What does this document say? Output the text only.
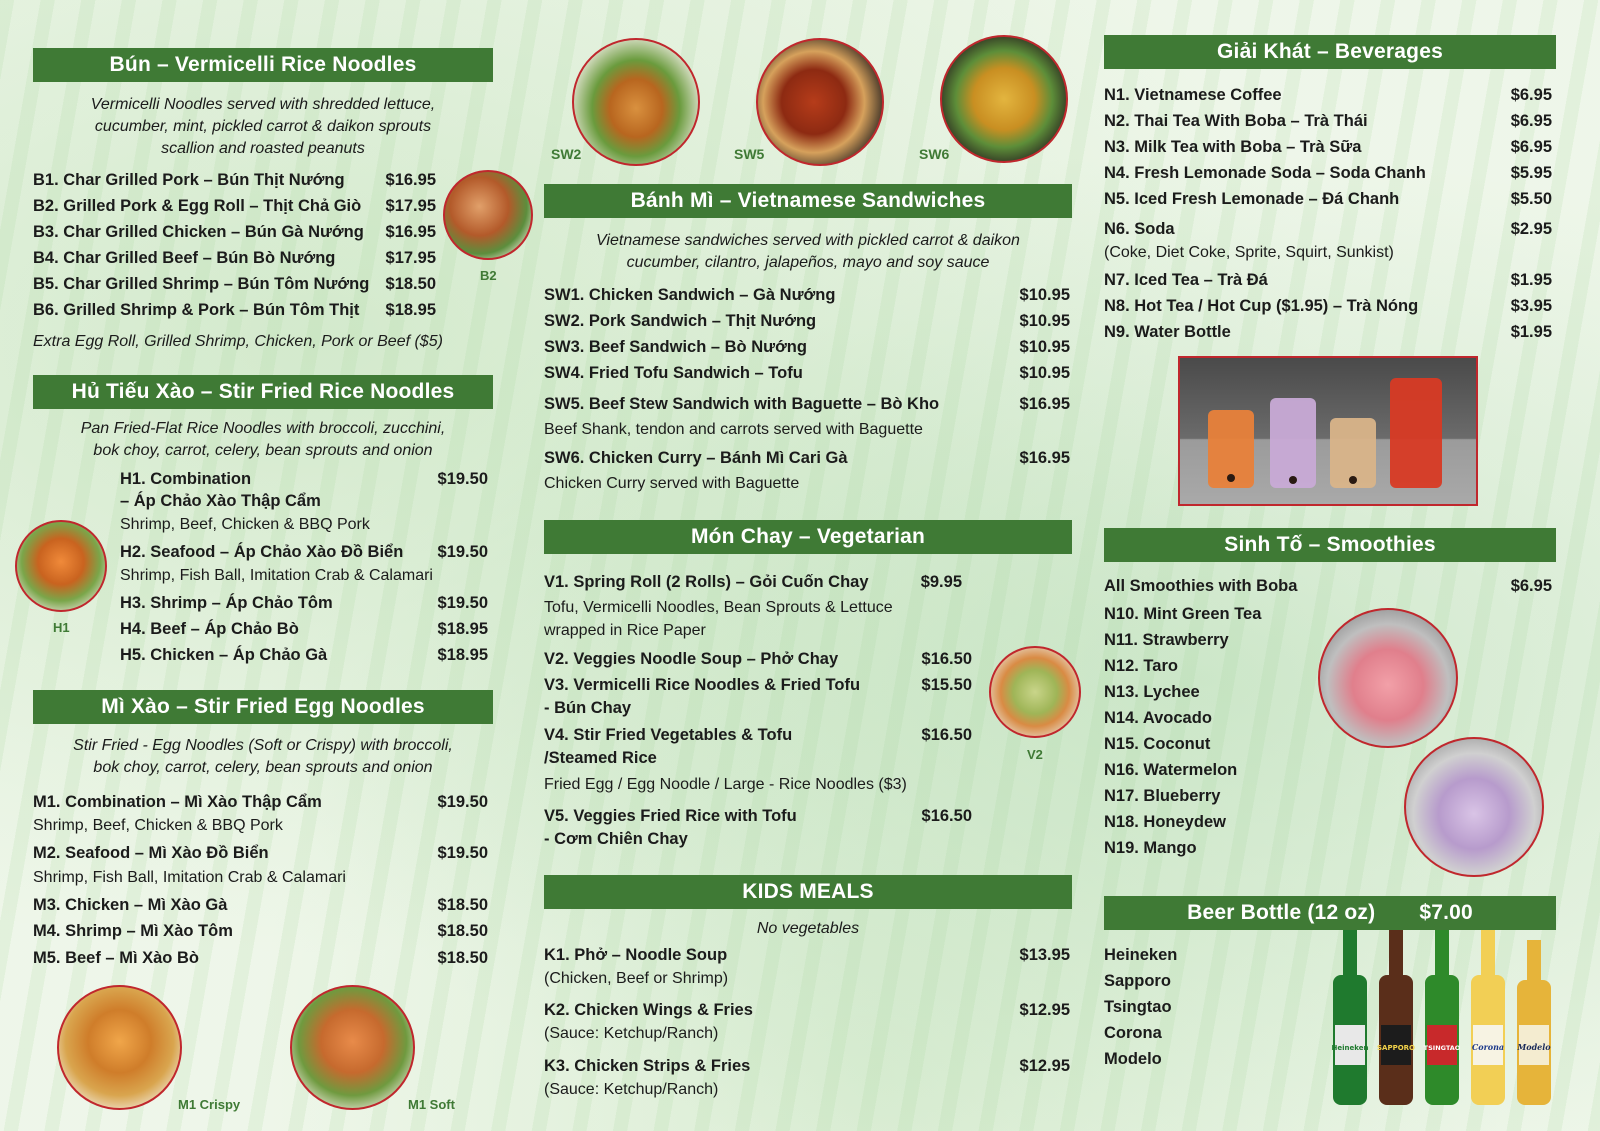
Bún – Vermicelli Rice Noodles
Vermicelli Noodles served with shredded lettuce,
cucumber, mint, pickled carrot & daikon sprouts
scallion and roasted peanuts
B1. Char Grilled Pork – Bún Thịt Nướng	$16.95
B2. Grilled Pork & Egg Roll – Thịt Chả Giò	$17.95
B3. Char Grilled Chicken – Bún Gà Nướng	$16.95
B4. Char Grilled Beef – Bún Bò Nướng	$17.95
B5. Char Grilled Shrimp – Bún Tôm Nướng $18.50
B6. Grilled Shrimp & Pork – Bún Tôm Thịt	$18.95
Extra Egg Roll, Grilled Shrimp, Chicken, Pork or Beef ($5)
B2
Hủ Tiếu Xào – Stir Fried Rice Noodles
Pan Fried-Flat Rice Noodles with broccoli, zucchini,
bok choy, carrot, celery, bean sprouts and onion
H1. Combination	$19.50
– Áp Chảo Xào Thập Cẩm
Shrimp, Beef, Chicken & BBQ Pork
H2. Seafood – Áp Chảo Xào Đồ Biển	$19.50
Shrimp, Fish Ball, Imitation Crab & Calamari
H3. Shrimp – Áp Chảo Tôm	$19.50
H4. Beef – Áp Chảo Bò	$18.95
H5. Chicken – Áp Chảo Gà	$18.95
H1
Mì Xào – Stir Fried Egg Noodles
Stir Fried - Egg Noodles (Soft or Crispy) with broccoli,
bok choy, carrot, celery, bean sprouts and onion
M1. Combination – Mì Xào Thập Cẩm	$19.50
Shrimp, Beef, Chicken & BBQ Pork
M2. Seafood – Mì Xào Đồ Biển	$19.50
Shrimp, Fish Ball, Imitation Crab & Calamari
M3. Chicken – Mì Xào Gà	$18.50
M4. Shrimp – Mì Xào Tôm	$18.50
M5. Beef – Mì Xào Bò	$18.50
M1 Crispy	M1 Soft
SW2	SW5	SW6
Bánh Mì – Vietnamese Sandwiches
Vietnamese sandwiches served with pickled carrot & daikon
cucumber, cilantro, jalapeños, mayo and soy sauce
SW1. Chicken Sandwich – Gà Nướng	$10.95
SW2. Pork Sandwich – Thịt Nướng	$10.95
SW3. Beef Sandwich – Bò Nướng	$10.95
SW4. Fried Tofu Sandwich – Tofu	$10.95
SW5. Beef Stew Sandwich with Baguette – Bò Kho	$16.95
Beef Shank, tendon and carrots served with Baguette
SW6. Chicken Curry – Bánh Mì Cari Gà	$16.95
Chicken Curry served with Baguette
Món Chay – Vegetarian
V1. Spring Roll (2 Rolls) – Gỏi Cuốn Chay	$9.95
Tofu, Vermicelli Noodles, Bean Sprouts & Lettuce
wrapped in Rice Paper
V2. Veggies Noodle Soup – Phở Chay	$16.50
V3. Vermicelli Rice Noodles & Fried Tofu	$15.50
- Bún Chay
V4. Stir Fried Vegetables & Tofu	$16.50
/Steamed Rice
Fried Egg / Egg Noodle / Large - Rice Noodles ($3)
V5. Veggies Fried Rice with Tofu	$16.50
- Cơm Chiên Chay
V2
KIDS MEALS
No vegetables
K1. Phở – Noodle Soup	$13.95
(Chicken, Beef or Shrimp)
K2. Chicken Wings & Fries	$12.95
(Sauce: Ketchup/Ranch)
K3. Chicken Strips & Fries	$12.95
(Sauce: Ketchup/Ranch)
Giải Khát – Beverages
N1. Vietnamese Coffee	$6.95
N2. Thai Tea With Boba – Trà Thái	$6.95
N3. Milk Tea with Boba – Trà Sữa	$6.95
N4. Fresh Lemonade Soda – Soda Chanh	$5.95
N5. Iced Fresh Lemonade – Đá Chanh	$5.50
N6. Soda	$2.95
(Coke, Diet Coke, Sprite, Squirt, Sunkist)
N7. Iced Tea – Trà Đá	$1.95
N8. Hot Tea / Hot Cup ($1.95) – Trà Nóng	$3.95
N9. Water Bottle	$1.95
Sinh Tố – Smoothies
All Smoothies with Boba	$6.95
N10. Mint Green Tea
N11. Strawberry
N12. Taro
N13. Lychee
N14. Avocado
N15. Coconut
N16. Watermelon
N17. Blueberry
N18. Honeydew
N19. Mango
Beer Bottle (12 oz) $7.00
Heineken
Sapporo
Tsingtao
Corona
Modelo
Heineken SAPPORO TSINGTAO Corona Modelo
